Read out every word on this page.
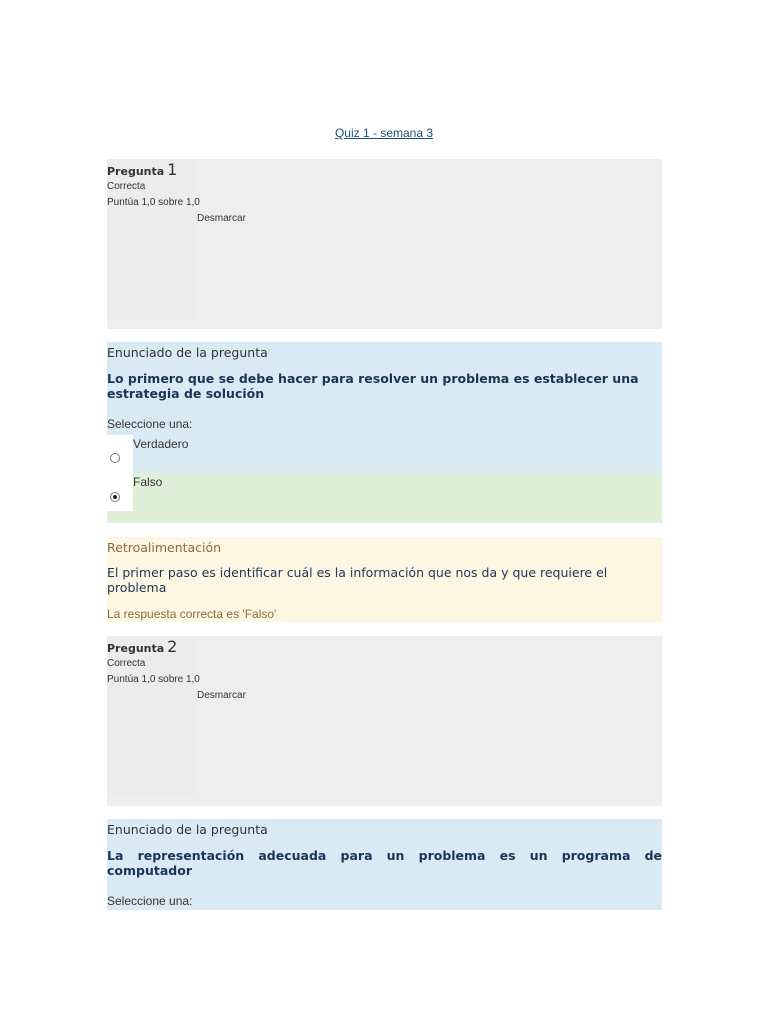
Quiz 1 - semana 3
Pregunta 1
Correcta
Puntúa 1,0 sobre 1,0
Desmarcar
Enunciado de la pregunta
Lo primero que se debe hacer para resolver un problema es establecer una estrategia de solución
Seleccione una:
Verdadero
Falso
Retroalimentación
El primer paso es identificar cuál es la información que nos da y que requiere el problema
La respuesta correcta es 'Falso'
Pregunta 2
Correcta
Puntúa 1,0 sobre 1,0
Desmarcar
Enunciado de la pregunta
La representación adecuada para un problema es un programa de computador
Seleccione una:
